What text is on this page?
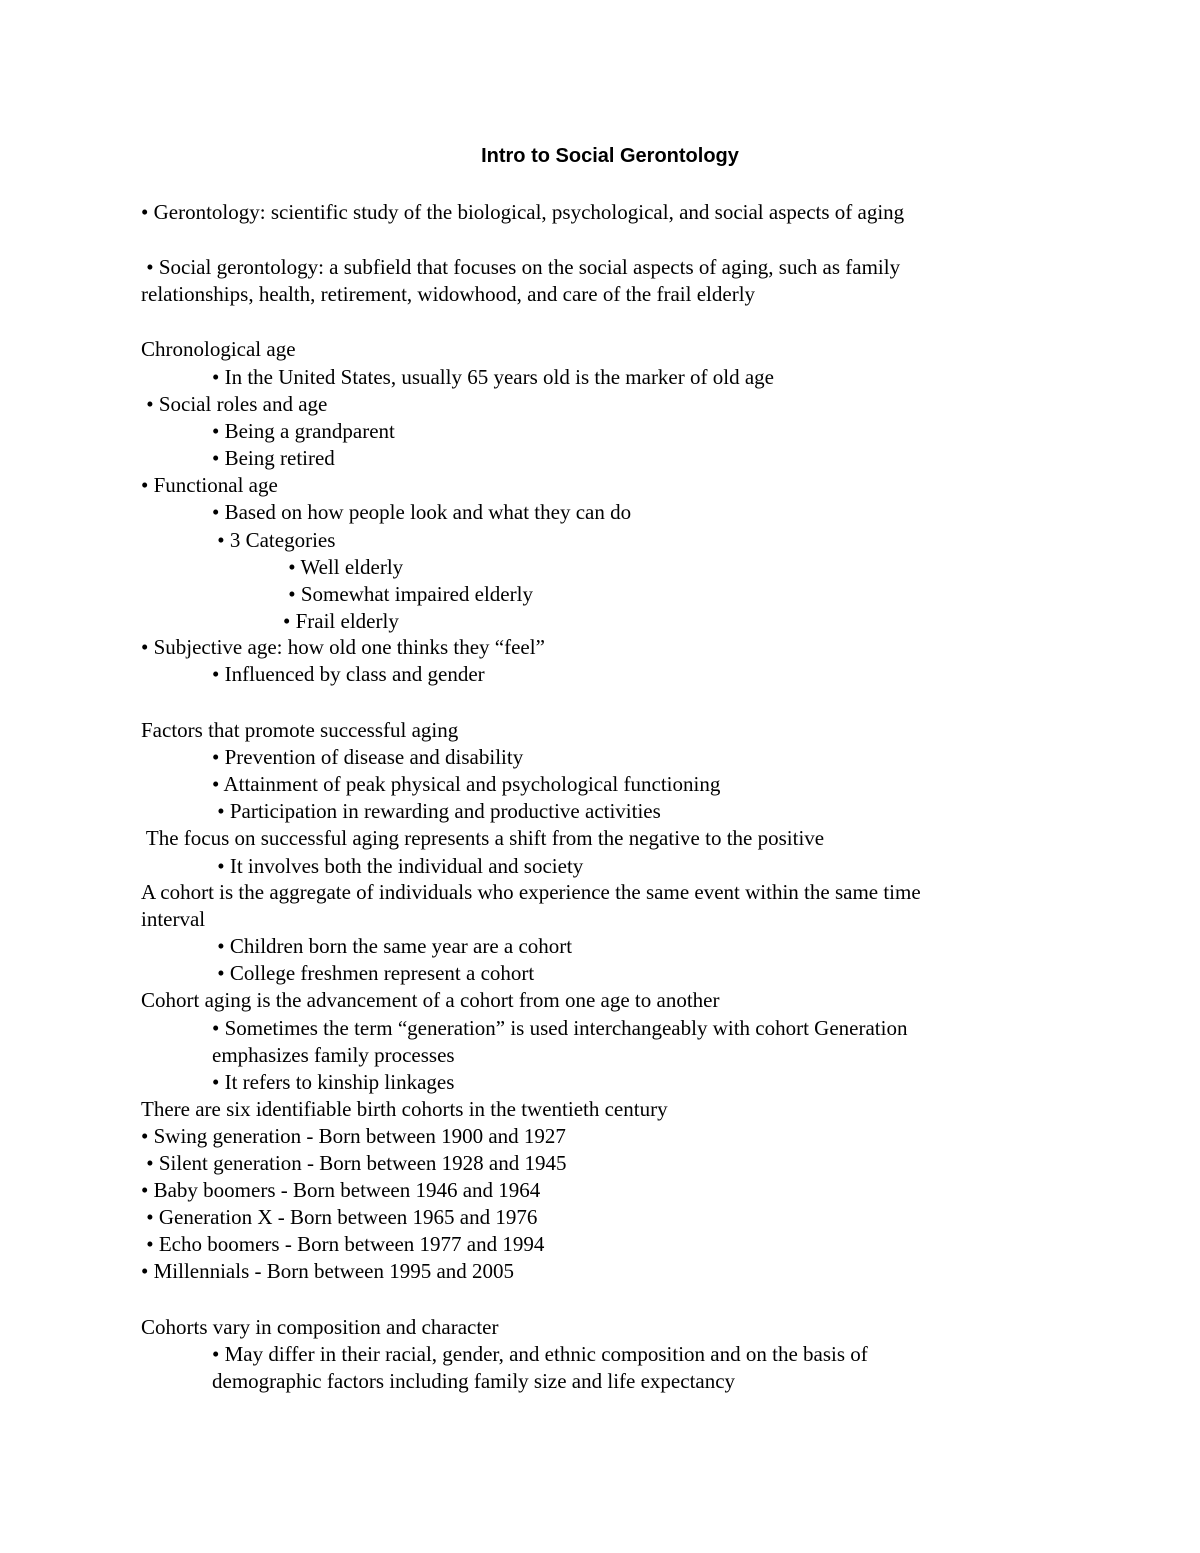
Intro to Social Gerontology
• Gerontology: scientific study of the biological, psychological, and social aspects of aging
• Social gerontology: a subfield that focuses on the social aspects of aging, such as family
relationships, health, retirement, widowhood, and care of the frail elderly
Chronological age
• In the United States, usually 65 years old is the marker of old age
• Social roles and age
• Being a grandparent
• Being retired
• Functional age
• Based on how people look and what they can do
• 3 Categories
• Well elderly
• Somewhat impaired elderly
• Frail elderly
• Subjective age: how old one thinks they “feel”
• Influenced by class and gender
Factors that promote successful aging
• Prevention of disease and disability
• Attainment of peak physical and psychological functioning
• Participation in rewarding and productive activities
The focus on successful aging represents a shift from the negative to the positive
• It involves both the individual and society
A cohort is the aggregate of individuals who experience the same event within the same time
interval
• Children born the same year are a cohort
• College freshmen represent a cohort
Cohort aging is the advancement of a cohort from one age to another
• Sometimes the term “generation” is used interchangeably with cohort Generation
emphasizes family processes
• It refers to kinship linkages
There are six identifiable birth cohorts in the twentieth century
• Swing generation - Born between 1900 and 1927
• Silent generation - Born between 1928 and 1945
• Baby boomers - Born between 1946 and 1964
• Generation X - Born between 1965 and 1976
• Echo boomers - Born between 1977 and 1994
• Millennials - Born between 1995 and 2005
Cohorts vary in composition and character
• May differ in their racial, gender, and ethnic composition and on the basis of
demographic factors including family size and life expectancy
